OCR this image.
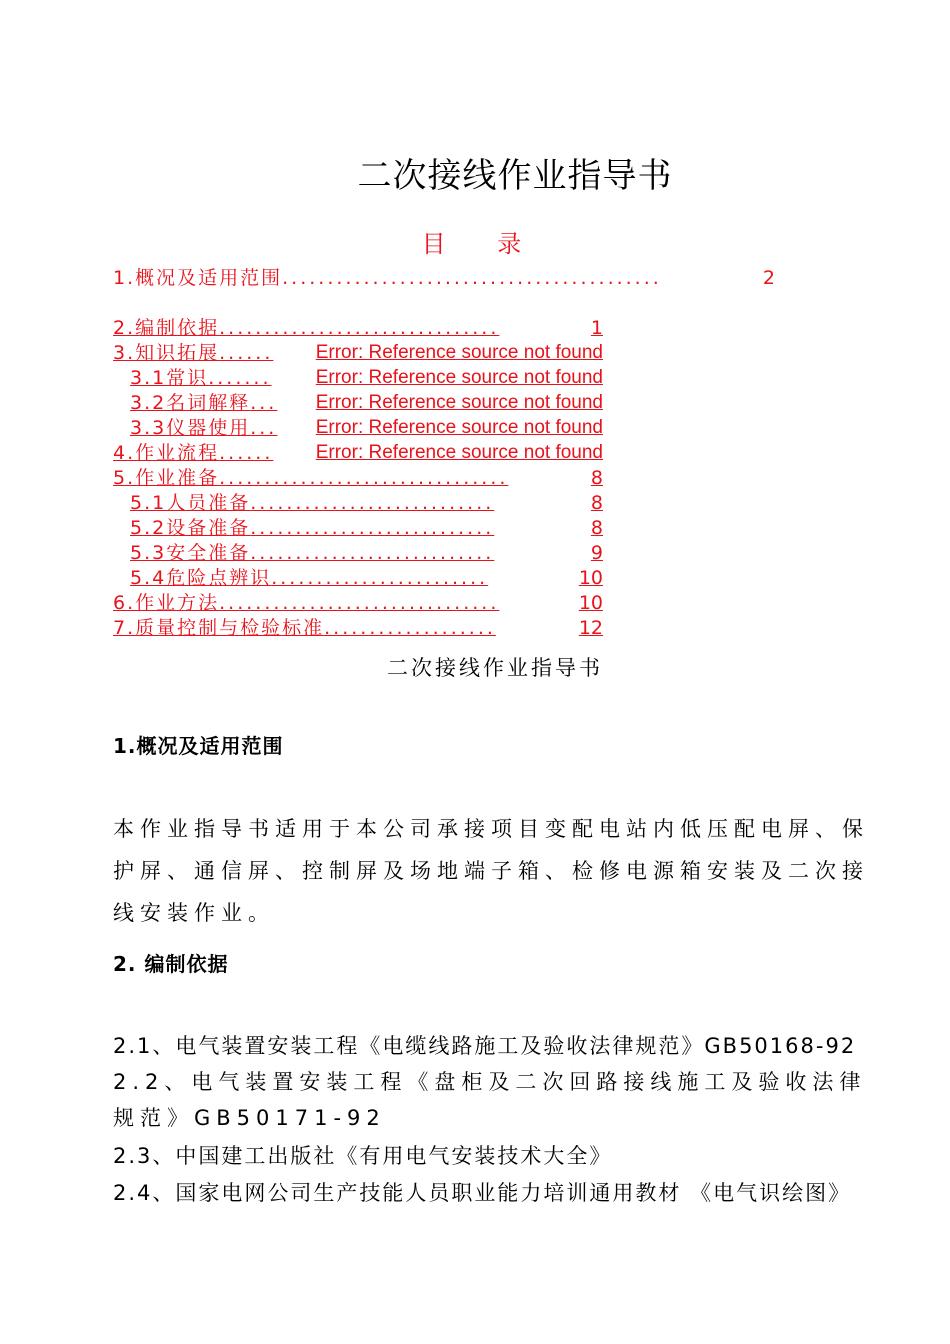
二次接线作业指导书
目 录
1.概况及适用范围 ..........................................	2
2.编制依据 ...............................	1
3.知识拓展 ......	Error: Reference source not found
3.1常识 .......	Error: Reference source not found
3.2名词解释 ...	Error: Reference source not found
3.3仪器使用 ...	Error: Reference source not found
4.作业流程 ......	Error: Reference source not found
5.作业准备 ................................	8
5.1人员准备 ...........................	8
5.2设备准备 ...........................	8
5.3安全准备 ...........................	9
5.4危险点辨识 ........................	10
6.作业方法 ...............................	10
7.质量控制与检验标准 ...................	12
二次接线作业指导书
1.概况及适用范围
本作业指导书适用于本公司承接项目变配电站内低压配电屏、保护屏、通信屏、控制屏及场地端子箱、检修电源箱安装及二次接线安装作业。
2. 编制依据
2.1、电气装置安装工程《电缆线路施工及验收法律规范》GB50168-92
2.2、电气装置安装工程《盘柜及二次回路接线施工及验收法律规范》GB50171-92
2.3、中国建工出版社《有用电气安装技术大全》
2.4、国家电网公司生产技能人员职业能力培训通用教材 《电气识绘图》
